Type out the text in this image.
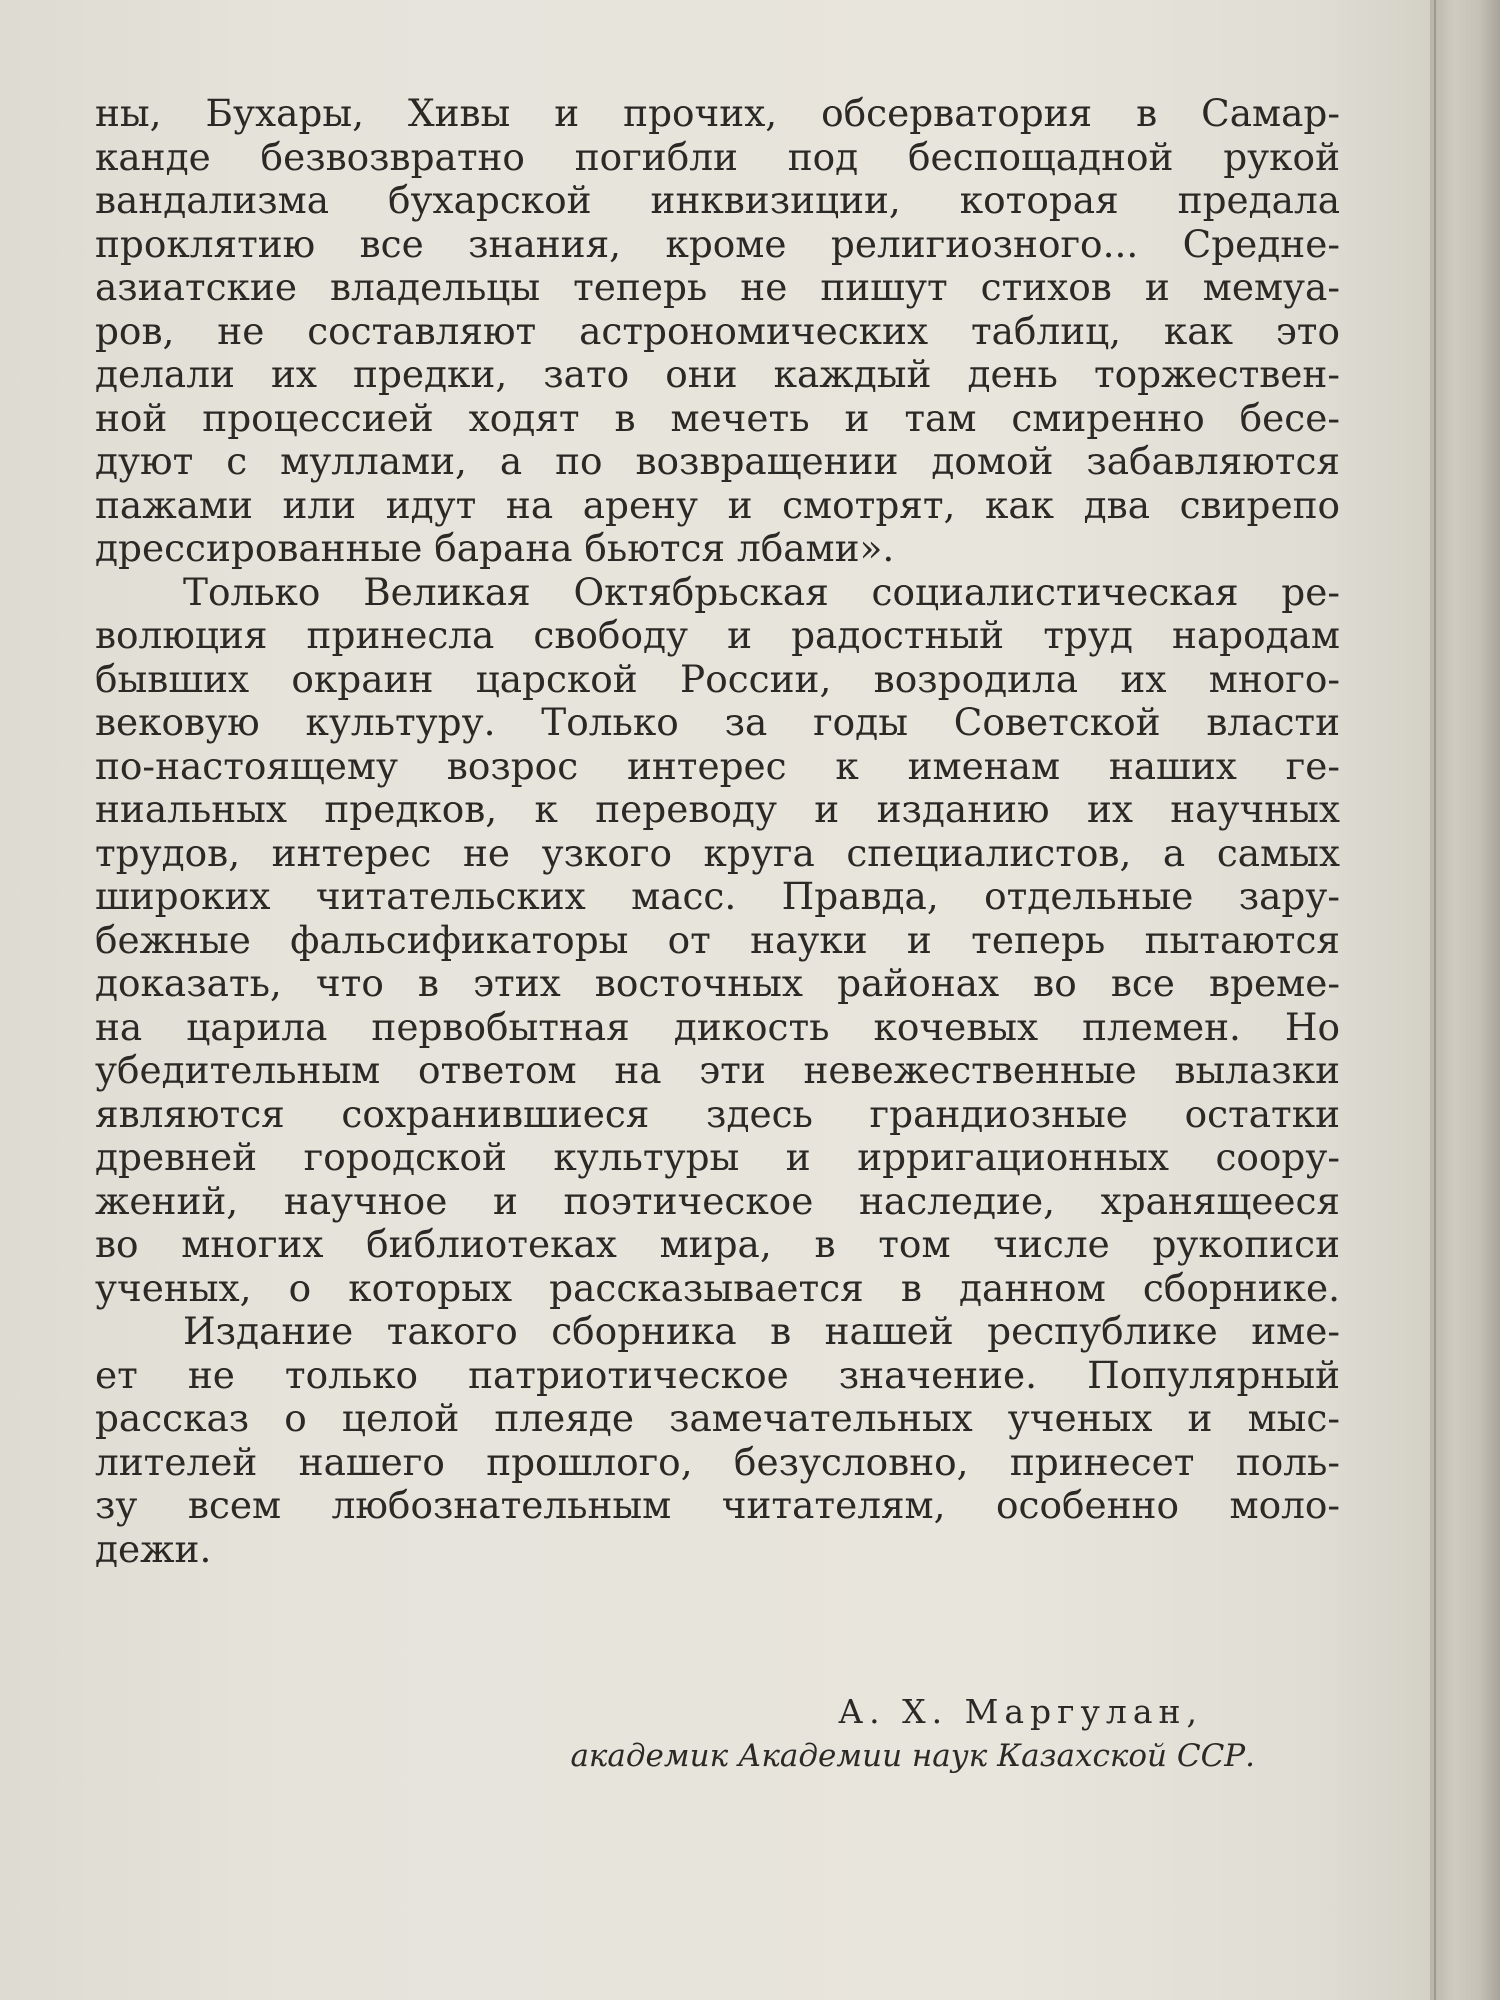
ны, Бухары, Хивы и прочих, обсерватория в Самар-
канде безвозвратно погибли под беспощадной рукой
вандализма бухарской инквизиции, которая предала
проклятию все знания, кроме религиозного... Средне-
азиатские владельцы теперь не пишут стихов и мемуа-
ров, не составляют астрономических таблиц, как это
делали их предки, зато они каждый день торжествен-
ной процессией ходят в мечеть и там смиренно бесе-
дуют с муллами, а по возвращении домой забавляются
пажами или идут на арену и смотрят, как два свирепо
дрессированные барана бьются лбами».
Только Великая Октябрьская социалистическая ре-
волюция принесла свободу и радостный труд народам
бывших окраин царской России, возродила их много-
вековую культуру. Только за годы Советской власти
по-настоящему возрос интерес к именам наших ге-
ниальных предков, к переводу и изданию их научных
трудов, интерес не узкого круга специалистов, а самых
широких читательских масс. Правда, отдельные зару-
бежные фальсификаторы от науки и теперь пытаются
доказать, что в этих восточных районах во все време-
на царила первобытная дикость кочевых племен. Но
убедительным ответом на эти невежественные вылазки
являются сохранившиеся здесь грандиозные остатки
древней городской культуры и ирригационных соору-
жений, научное и поэтическое наследие, хранящееся
во многих библиотеках мира, в том числе рукописи
ученых, о которых рассказывается в данном сборнике.
Издание такого сборника в нашей республике име-
ет не только патриотическое значение. Популярный
рассказ о целой плеяде замечательных ученых и мыс-
лителей нашего прошлого, безусловно, принесет поль-
зу всем любознательным читателям, особенно моло-
дежи.
А. Х. Маргулан,
академик Академии наук Казахской ССР.
